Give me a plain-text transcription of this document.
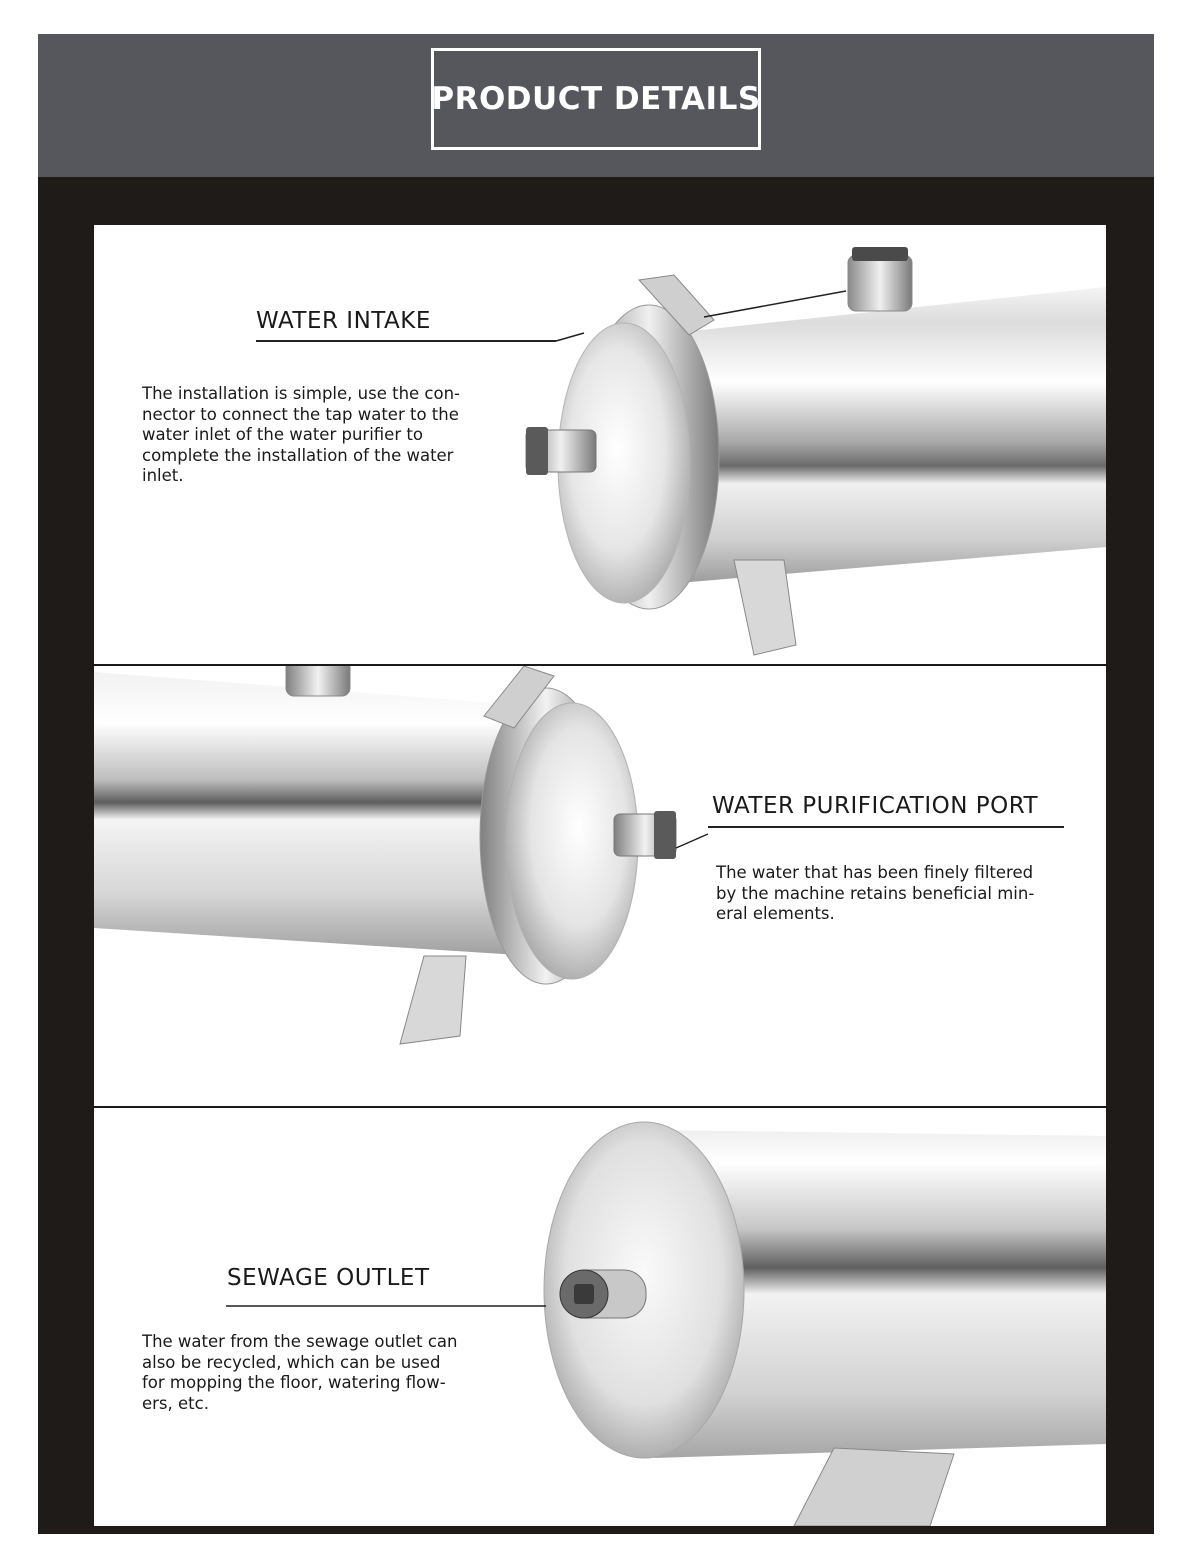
PRODUCT DETAILS
WATER INTAKE
The installation is simple, use the con-
nector to connect the tap water to the
water inlet of the water purifier to
complete the installation of the water
inlet.
WATER PURIFICATION PORT
The water that has been finely filtered
by the machine retains beneficial min-
eral elements.
SEWAGE OUTLET
The water from the sewage outlet can
also be recycled, which can be used
for mopping the floor, watering flow-
ers, etc.
